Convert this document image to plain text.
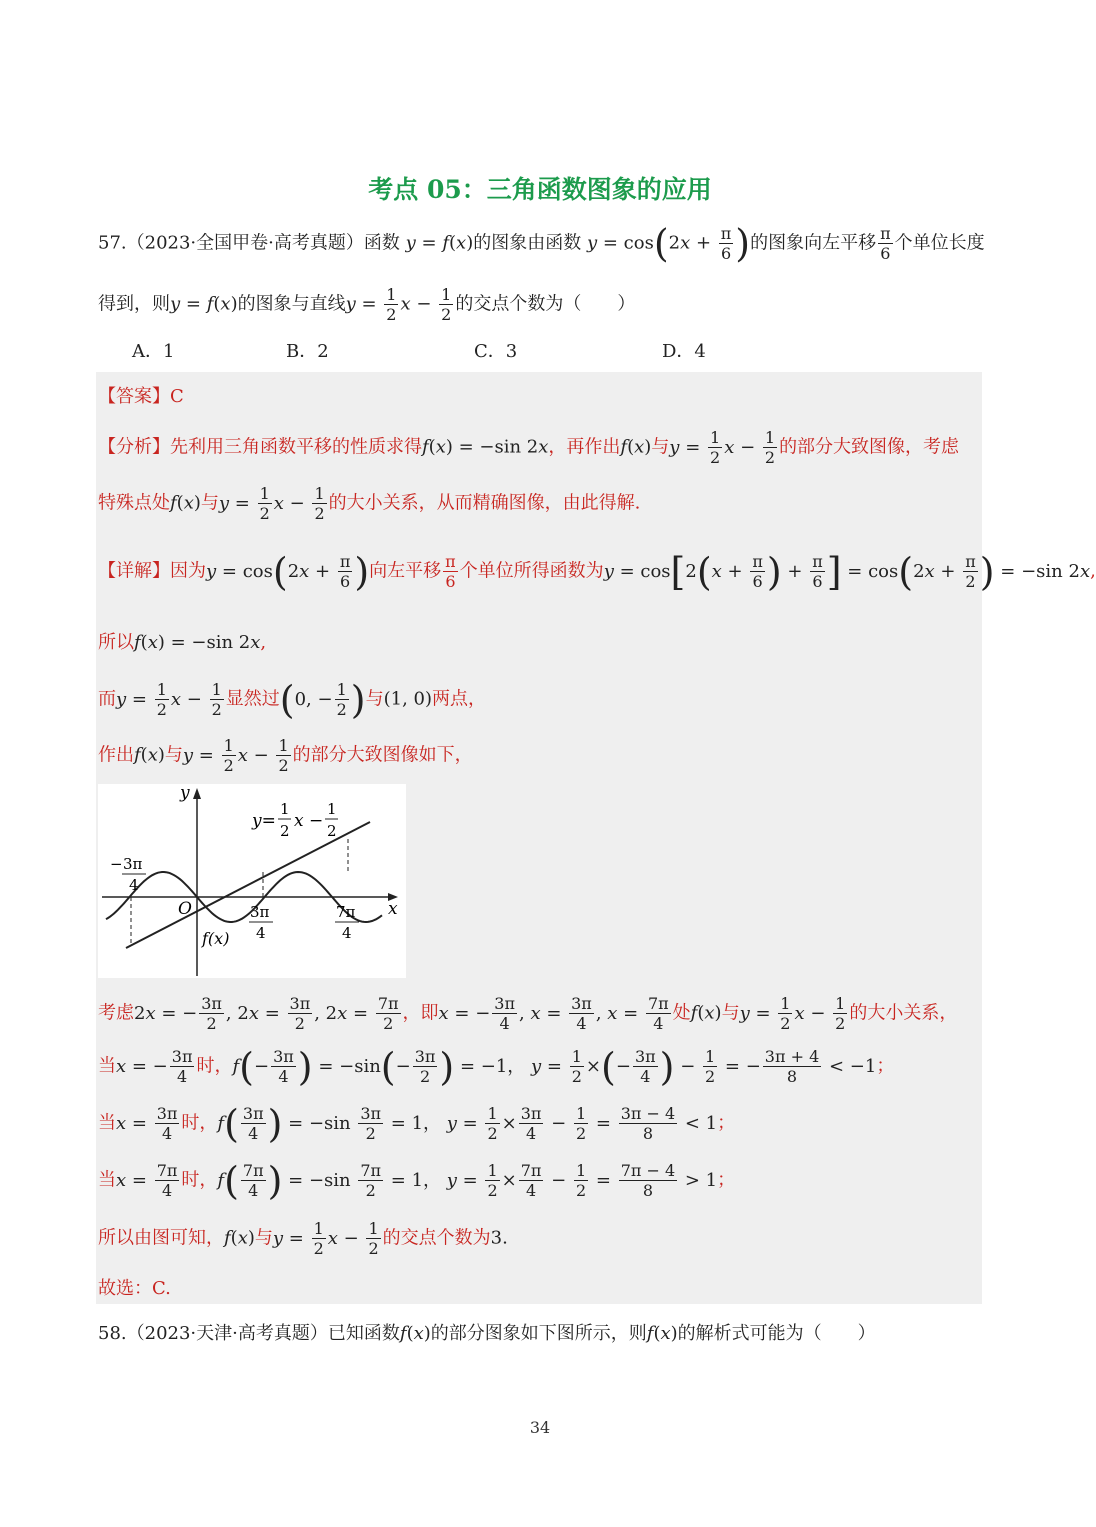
考点 05：三角函数图象的应用
57.（2023·全国甲卷·高考真题）函数 y = f(x)的图象由函数 $y = \cos(2x + \frac{\pi}{6}$ )的图象向左平移 $\frac{\pi}{6}$ 个单位长度
得到，则y = f(x)的图象与直线$y = \frac{1}{2}$ $x - \frac{1}{2}$ 的交点个数为（　　）
A．1	B．2	C．3	D．4
【答案】C
【分析】先利用三角函数平移的性质求得f(x) = −sin 2x，再作出f(x)与$y = \frac{1}{2}$ $x - \frac{1}{2}$ 的部分大致图像，考虑
特殊点处f(x)与$y = \frac{1}{2}$ $x - \frac{1}{2}$ 的大小关系，从而精确图像，由此得解.
【详解】因为$y = \cos(2x + \frac{\pi}{6}$ )向左平移 $\frac{\pi}{6}$ 个单位所得函数为$y = \cos[2(x + \frac{\pi}{6}$ ) + $\frac{\pi}{6}$ ] = $\cos(2x + \frac{\pi}{2}$ ) = −sin 2x,
所以f(x) = −sin 2x,
而$y = \frac{1}{2}$ $x - \frac{1}{2}$ 显然过(0, − $\frac{1}{2}$ )与(1, 0)两点，
作出f(x)与$y = \frac{1}{2}$ $x - \frac{1}{2}$ 的部分大致图像如下，
y
x
O
y=
1
2 x −
1
2
f(x)
− 3π
4
3π
4
7π
4
考虑2x = − $\frac{3\pi}{2}$ , $2x = \frac{3\pi}{2}$ , $2x = \frac{7\pi}{2}$ ，即x = − $\frac{3\pi}{4}$ , $x = \frac{3\pi}{4}$ , $x = \frac{7\pi}{4}$ 处f(x)与$y = \frac{1}{2}$ $x - \frac{1}{2}$ 的大小关系，
当x = − $\frac{3\pi}{4}$ 时，$f(- \frac{3\pi}{4}$ ) = $-\sin(- \frac{3\pi}{2}$ ) = −1， $y = \frac{1}{2}$ ×(− $\frac{3\pi}{4}$ ) − $\frac{1}{2}$ = − $\frac{3\pi + 4}{8} < -1$；
当$x = \frac{3\pi}{4}$ 时，$f( \frac{3\pi}{4}$ ) = $-\sin \frac{3\pi}{2} = 1$， $y = \frac{1}{2} \times \frac{3\pi}{4} - \frac{1}{2} = \frac{3\pi - 4}{8} < 1$；
当$x = \frac{7\pi}{4}$ 时，$f( \frac{7\pi}{4}$ ) = $-\sin \frac{7\pi}{2} = 1$， $y = \frac{1}{2} \times \frac{7\pi}{4} - \frac{1}{2} = \frac{7\pi - 4}{8} > 1$；
所以由图可知，f(x)与$y = \frac{1}{2}$ $x - \frac{1}{2}$ 的交点个数为3.
故选：C.
58.（2023·天津·高考真题）已知函数f(x)的部分图象如下图所示，则f(x)的解析式可能为（　　）
34
